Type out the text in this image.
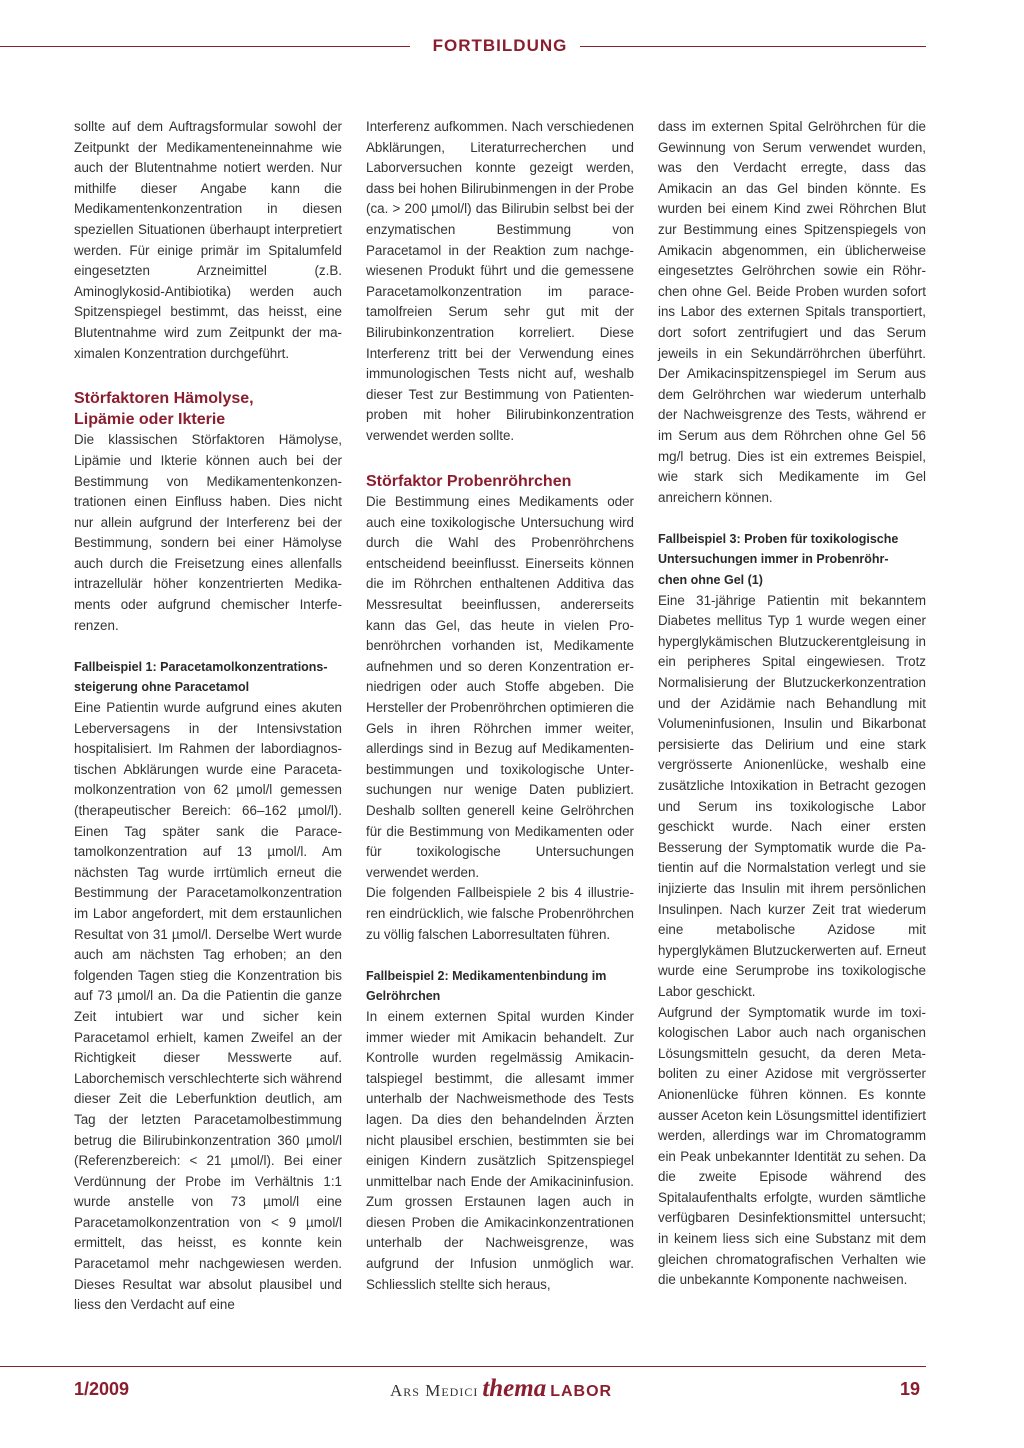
FORTBILDUNG

sollte auf dem Auftragsformular sowohl der Zeitpunkt der Medikamenteneinnahme wie auch der Blutentnahme notiert werden. Nur mithilfe dieser Angabe kann die Medikamentenkonzentration in diesen speziellen Situationen überhaupt interpretiert werden. Für einige primär im Spitalumfeld eingesetzten Arzneimittel (z.B. Aminoglykosid-Antibiotika) werden auch Spitzenspiegel bestimmt, das heisst, eine Blutentnahme wird zum Zeitpunkt der maximalen Konzentration durchgeführt.

Störfaktoren Hämolyse,
Lipämie oder Ikterie

Die klassischen Störfaktoren Hämolyse, Lipämie und Ikterie können auch bei der Bestimmung von Medikamentenkonzentrationen einen Einfluss haben. Dies nicht nur allein aufgrund der Interferenz bei der Bestimmung, sondern bei einer Hämolyse auch durch die Freisetzung eines allenfalls intrazellulär höher konzentrierten Medikaments oder aufgrund chemischer Interferenzen.

Fallbeispiel 1: Paracetamolkonzentrations-
steigerung ohne Paracetamol

Eine Patientin wurde aufgrund eines akuten Leberversagens in der Intensivstation hospitalisiert. Im Rahmen der labordiagnostischen Abklärungen wurde eine Paracetamolkonzentration von 62 µmol/l gemessen (therapeutischer Bereich: 66–162 µmol/l). Einen Tag später sank die Paracetamolkonzentration auf 13 µmol/l. Am nächsten Tag wurde irrtümlich erneut die Bestimmung der Paracetamolkonzentration im Labor angefordert, mit dem erstaunlichen Resultat von 31 µmol/l. Derselbe Wert wurde auch am nächsten Tag erhoben; an den folgenden Tagen stieg die Konzentration bis auf 73 µmol/l an. Da die Patientin die ganze Zeit intubiert war und sicher kein Paracetamol erhielt, kamen Zweifel an der Richtigkeit dieser Messwerte auf. Laborchemisch verschlechterte sich während dieser Zeit die Leberfunktion deutlich, am Tag der letzten Paracetamolbestimmung betrug die Bilirubinkonzentration 360 µmol/l (Referenzbereich: < 21 µmol/l). Bei einer Verdünnung der Probe im Verhältnis 1:1 wurde anstelle von 73 µmol/l eine Paracetamolkonzentration von < 9 µmol/l ermittelt, das heisst, es konnte kein Paracetamol mehr nachgewiesen werden. Dieses Resultat war absolut plausibel und liess den Verdacht auf eine

Interferenz aufkommen. Nach verschiedenen Abklärungen, Literaturrecherchen und Laborversuchen konnte gezeigt werden, dass bei hohen Bilirubinmengen in der Probe (ca. > 200 µmol/l) das Bilirubin selbst bei der enzymatischen Bestimmung von Paracetamol in der Reaktion zum nachgewiesenen Produkt führt und die gemessene Paracetamolkonzentration im paracetamolfreien Serum sehr gut mit der Bilirubinkonzentration korreliert. Diese Interferenz tritt bei der Verwendung eines immunologischen Tests nicht auf, weshalb dieser Test zur Bestimmung von Patientenproben mit hoher Bilirubinkonzentration verwendet werden sollte.

Störfaktor Probenröhrchen

Die Bestimmung eines Medikaments oder auch eine toxikologische Untersuchung wird durch die Wahl des Probenröhrchens entscheidend beeinflusst. Einerseits können die im Röhrchen enthaltenen Additiva das Messresultat beeinflussen, andererseits kann das Gel, das heute in vielen Probenröhrchen vorhanden ist, Medikamente aufnehmen und so deren Konzentration erniedrigen oder auch Stoffe abgeben. Die Hersteller der Probenröhrchen optimieren die Gels in ihren Röhrchen immer weiter, allerdings sind in Bezug auf Medikamentenbestimmungen und toxikologische Untersuchungen nur wenige Daten publiziert. Deshalb sollten generell keine Gelröhrchen für die Bestimmung von Medikamenten oder für toxikologische Untersuchungen verwendet werden.

Die folgenden Fallbeispiele 2 bis 4 illustrieren eindrücklich, wie falsche Probenröhrchen zu völlig falschen Laborresultaten führen.

Fallbeispiel 2: Medikamentenbindung im
Gelröhrchen

In einem externen Spital wurden Kinder immer wieder mit Amikacin behandelt. Zur Kontrolle wurden regelmässig Amikacintalspiegel bestimmt, die allesamt immer unterhalb der Nachweismethode des Tests lagen. Da dies den behandelnden Ärzten nicht plausibel erschien, bestimmten sie bei einigen Kindern zusätzlich Spitzenspiegel unmittelbar nach Ende der Amikacininfusion. Zum grossen Erstaunen lagen auch in diesen Proben die Amikacinkonzentrationen unterhalb der Nachweisgrenze, was aufgrund der Infusion unmöglich war. Schliesslich stellte sich heraus,

dass im externen Spital Gelröhrchen für die Gewinnung von Serum verwendet wurden, was den Verdacht erregte, dass das Amikacin an das Gel binden könnte. Es wurden bei einem Kind zwei Röhrchen Blut zur Bestimmung eines Spitzenspiegels von Amikacin abgenommen, ein üblicherweise eingesetztes Gelröhrchen sowie ein Röhrchen ohne Gel. Beide Proben wurden sofort ins Labor des externen Spitals transportiert, dort sofort zentrifugiert und das Serum jeweils in ein Sekundärröhrchen überführt. Der Amikacinspitzenspiegel im Serum aus dem Gelröhrchen war wiederum unterhalb der Nachweisgrenze des Tests, während er im Serum aus dem Röhrchen ohne Gel 56 mg/l betrug. Dies ist ein extremes Beispiel, wie stark sich Medikamente im Gel anreichern können.

Fallbeispiel 3: Proben für toxikologische
Untersuchungen immer in Probenröhr-
chen ohne Gel (1)

Eine 31-jährige Patientin mit bekanntem Diabetes mellitus Typ 1 wurde wegen einer hyperglykämischen Blutzuckerentgleisung in ein peripheres Spital eingewiesen. Trotz Normalisierung der Blutzuckerkonzentration und der Azidämie nach Behandlung mit Volumeninfusionen, Insulin und Bikarbonat persisierte das Delirium und eine stark vergrösserte Anionenlücke, weshalb eine zusätzliche Intoxikation in Betracht gezogen und Serum ins toxikologische Labor geschickt wurde. Nach einer ersten Besserung der Symptomatik wurde die Patientin auf die Normalstation verlegt und sie injizierte das Insulin mit ihrem persönlichen Insulinpen. Nach kurzer Zeit trat wiederum eine metabolische Azidose mit hyperglykämen Blutzuckerwerten auf. Erneut wurde eine Serumprobe ins toxikologische Labor geschickt.

Aufgrund der Symptomatik wurde im toxikologischen Labor auch nach organischen Lösungsmitteln gesucht, da deren Metaboliten zu einer Azidose mit vergrösserter Anionenlücke führen können. Es konnte ausser Aceton kein Lösungsmittel identifiziert werden, allerdings war im Chromatogramm ein Peak unbekannter Identität zu sehen. Da die zweite Episode während des Spitalaufenthalts erfolgte, wurden sämtliche verfügbaren Desinfektionsmittel untersucht; in keinem liess sich eine Substanz mit dem gleichen chromatografischen Verhalten wie die unbekannte Komponente nachweisen.

1/2009	Ars Medici thema LABOR	19
